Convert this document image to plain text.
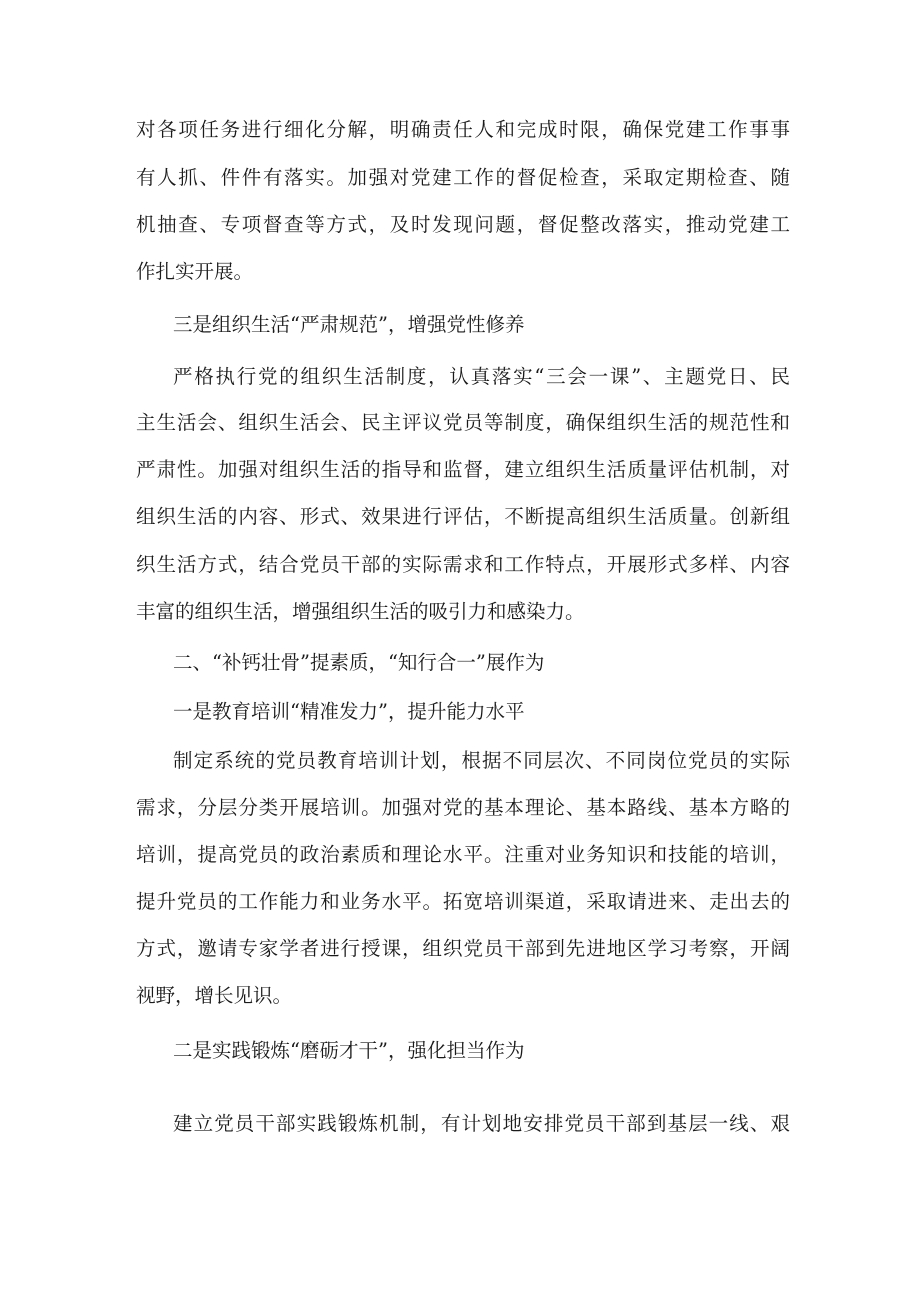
对各项任务进行细化分解，明确责任人和完成时限，确保党建工作事事
有人抓、件件有落实。加强对党建工作的督促检查，采取定期检查、随
机抽查、专项督查等方式，及时发现问题，督促整改落实，推动党建工
作扎实开展。
三是组织生活“严肃规范”，增强党性修养
严格执行党的组织生活制度，认真落实“三会一课”、主题党日、民
主生活会、组织生活会、民主评议党员等制度，确保组织生活的规范性和
严肃性。加强对组织生活的指导和监督，建立组织生活质量评估机制，对
组织生活的内容、形式、效果进行评估，不断提高组织生活质量。创新组
织生活方式，结合党员干部的实际需求和工作特点，开展形式多样、内容
丰富的组织生活，增强组织生活的吸引力和感染力。
二、“补钙壮骨”提素质，“知行合一”展作为
一是教育培训“精准发力”，提升能力水平
制定系统的党员教育培训计划，根据不同层次、不同岗位党员的实际
需求，分层分类开展培训。加强对党的基本理论、基本路线、基本方略的
培训，提高党员的政治素质和理论水平。注重对业务知识和技能的培训，
提升党员的工作能力和业务水平。拓宽培训渠道，采取请进来、走出去的
方式，邀请专家学者进行授课，组织党员干部到先进地区学习考察，开阔
视野，增长见识。
二是实践锻炼“磨砺才干”，强化担当作为
建立党员干部实践锻炼机制，有计划地安排党员干部到基层一线、艰
